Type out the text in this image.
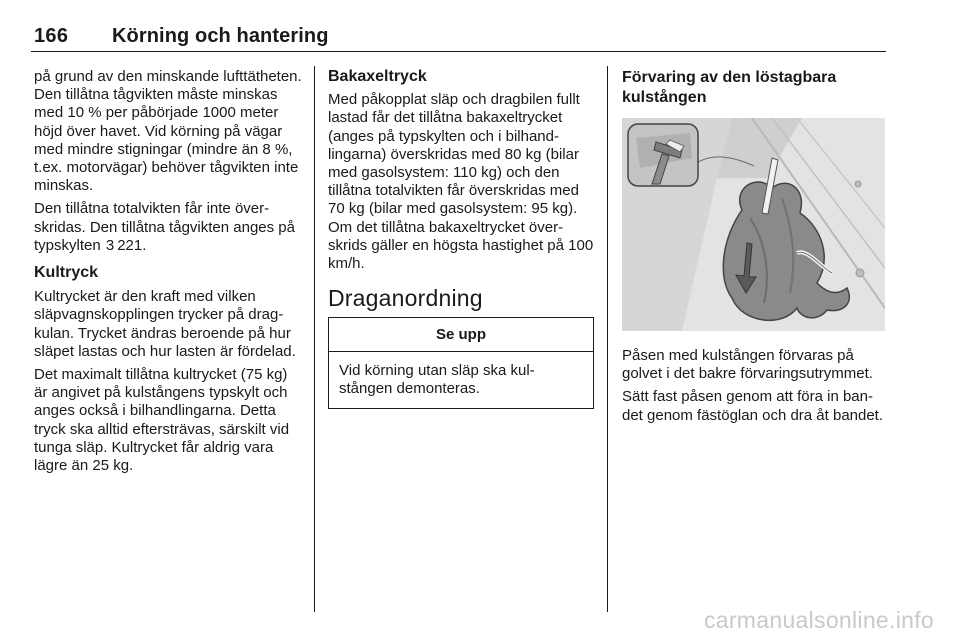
166 Körning och hantering

på grund av den minskande lufttätheten. Den tillåtna tågvikten måste minskas med 10 % per påbörjade 1000 meter höjd över havet. Vid körning på vägar med mindre stigningar (mindre än 8 %, t.ex. motorvägar) behöver tågvikten inte minskas.

Den tillåtna totalvikten får inte överskridas. Den tillåtna tågvikten anges på typskylten 3 221.

Kultryck

Kultrycket är den kraft med vilken släpvagnskopplingen trycker på dragkulan. Trycket ändras beroende på hur släpet lastas och hur lasten är fördelad.

Det maximalt tillåtna kultrycket (75 kg) är angivet på kulstångens typskylt och anges också i bilhandlingarna. Detta tryck ska alltid eftersträvas, särskilt vid tunga släp. Kultrycket får aldrig vara lägre än 25 kg.

Bakaxeltryck

Med påkopplat släp och dragbilen fullt lastad får det tillåtna bakaxeltrycket (anges på typskylten och i bilhandlingarna) överskridas med 80 kg (bilar med gasolsystem: 110 kg) och den tillåtna totalvikten får överskridas med 70 kg (bilar med gasolsystem: 95 kg). Om det tillåtna bakaxeltrycket överskrids gäller en högsta hastighet på 100 km/h.

Draganordning
Se upp
Vid körning utan släp ska kulstången demonteras.
Förvaring av den löstagbara kulstången

Påsen med kulstången förvaras på golvet i det bakre förvaringsutrymmet.

Sätt fast påsen genom att föra in bandet genom fästöglan och dra åt bandet.

carmanualsonline.info
